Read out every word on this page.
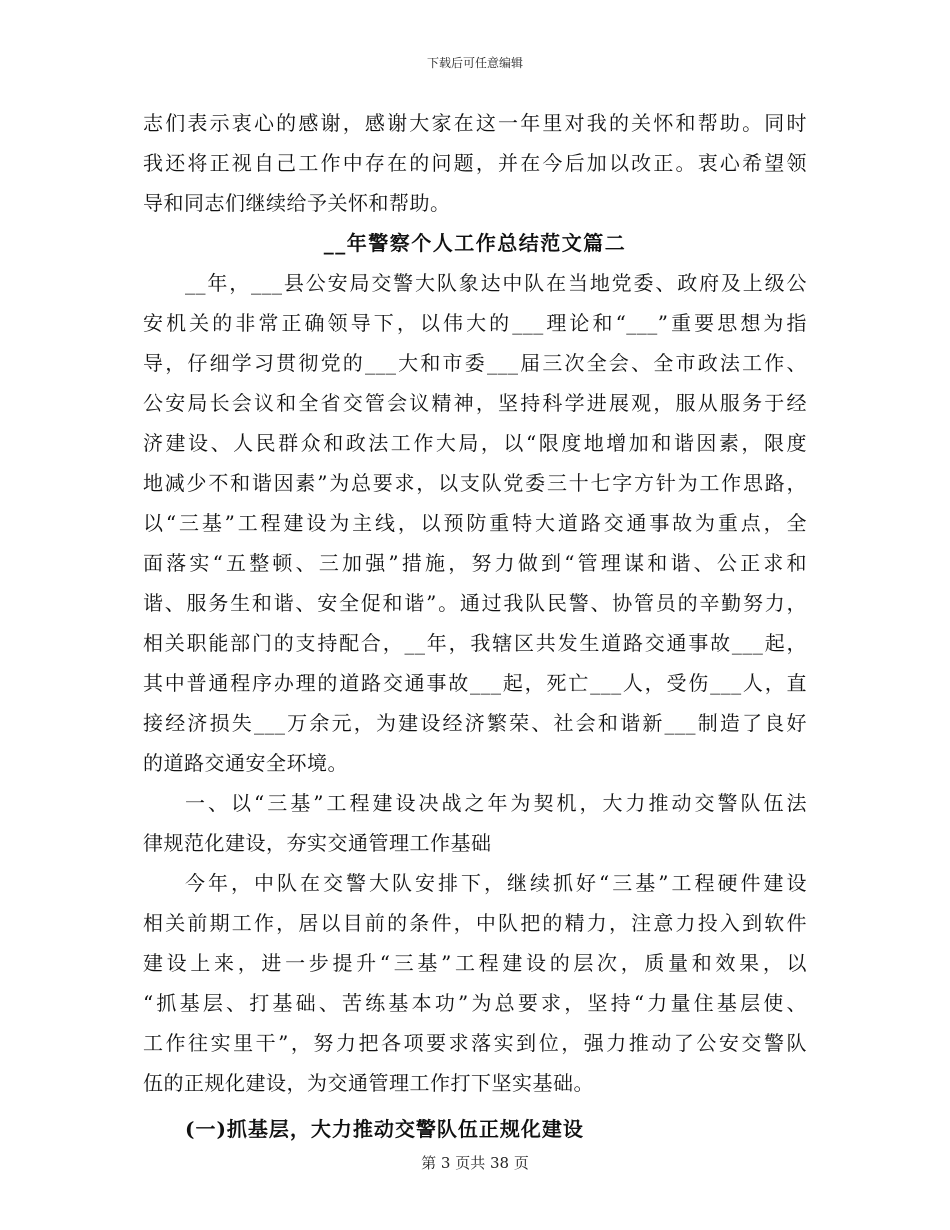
下载后可任意编辑
志们表示衷心的感谢，感谢大家在这一年里对我的关怀和帮助。同时
我还将正视自己工作中存在的问题，并在今后加以改正。衷心希望领
导和同志们继续给予关怀和帮助。
__年警察个人工作总结范文篇二
__年，___县公安局交警大队象达中队在当地党委、政府及上级公
安机关的非常正确领导下，以伟大的___理论和“___”重要思想为指
导，仔细学习贯彻党的___大和市委___届三次全会、全市政法工作、
公安局长会议和全省交管会议精神，坚持科学进展观，服从服务于经
济建设、人民群众和政法工作大局，以“限度地增加和谐因素，限度
地减少不和谐因素”为总要求，以支队党委三十七字方针为工作思路，
以“三基”工程建设为主线，以预防重特大道路交通事故为重点，全
面落实“五整顿、三加强”措施，努力做到“管理谋和谐、公正求和
谐、服务生和谐、安全促和谐”。通过我队民警、协管员的辛勤努力，
相关职能部门的支持配合，__年，我辖区共发生道路交通事故___起，
其中普通程序办理的道路交通事故___起，死亡___人，受伤___人，直
接经济损失___万余元，为建设经济繁荣、社会和谐新___制造了良好
的道路交通安全环境。
一、以“三基”工程建设决战之年为契机，大力推动交警队伍法
律规范化建设，夯实交通管理工作基础
今年，中队在交警大队安排下，继续抓好“三基”工程硬件建设
相关前期工作，居以目前的条件，中队把的精力，注意力投入到软件
建设上来，进一步提升“三基”工程建设的层次，质量和效果，以
“抓基层、打基础、苦练基本功”为总要求，坚持“力量住基层使、
工作往实里干”，努力把各项要求落实到位，强力推动了公安交警队
伍的正规化建设，为交通管理工作打下坚实基础。
(一)抓基层，大力推动交警队伍正规化建设
第 3 页共 38 页
